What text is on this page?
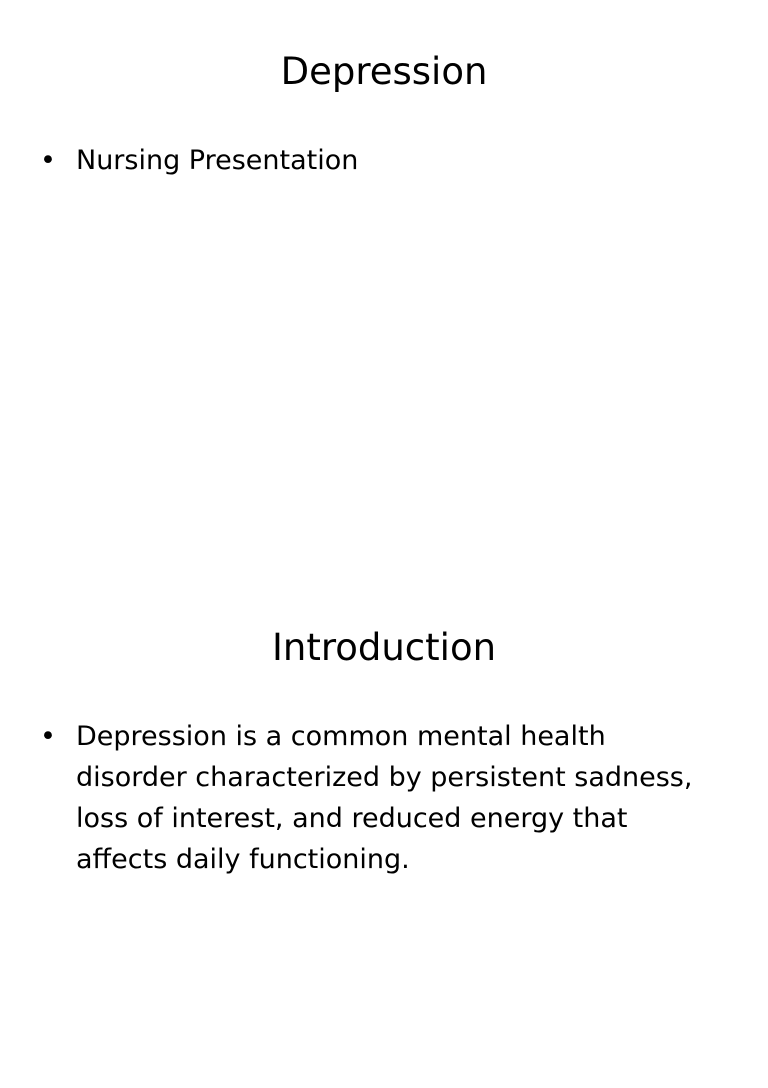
Depression
• Nursing Presentation
Introduction
• Depression is a common mental health disorder characterized by persistent sadness, loss of interest, and reduced energy that affects daily functioning.
